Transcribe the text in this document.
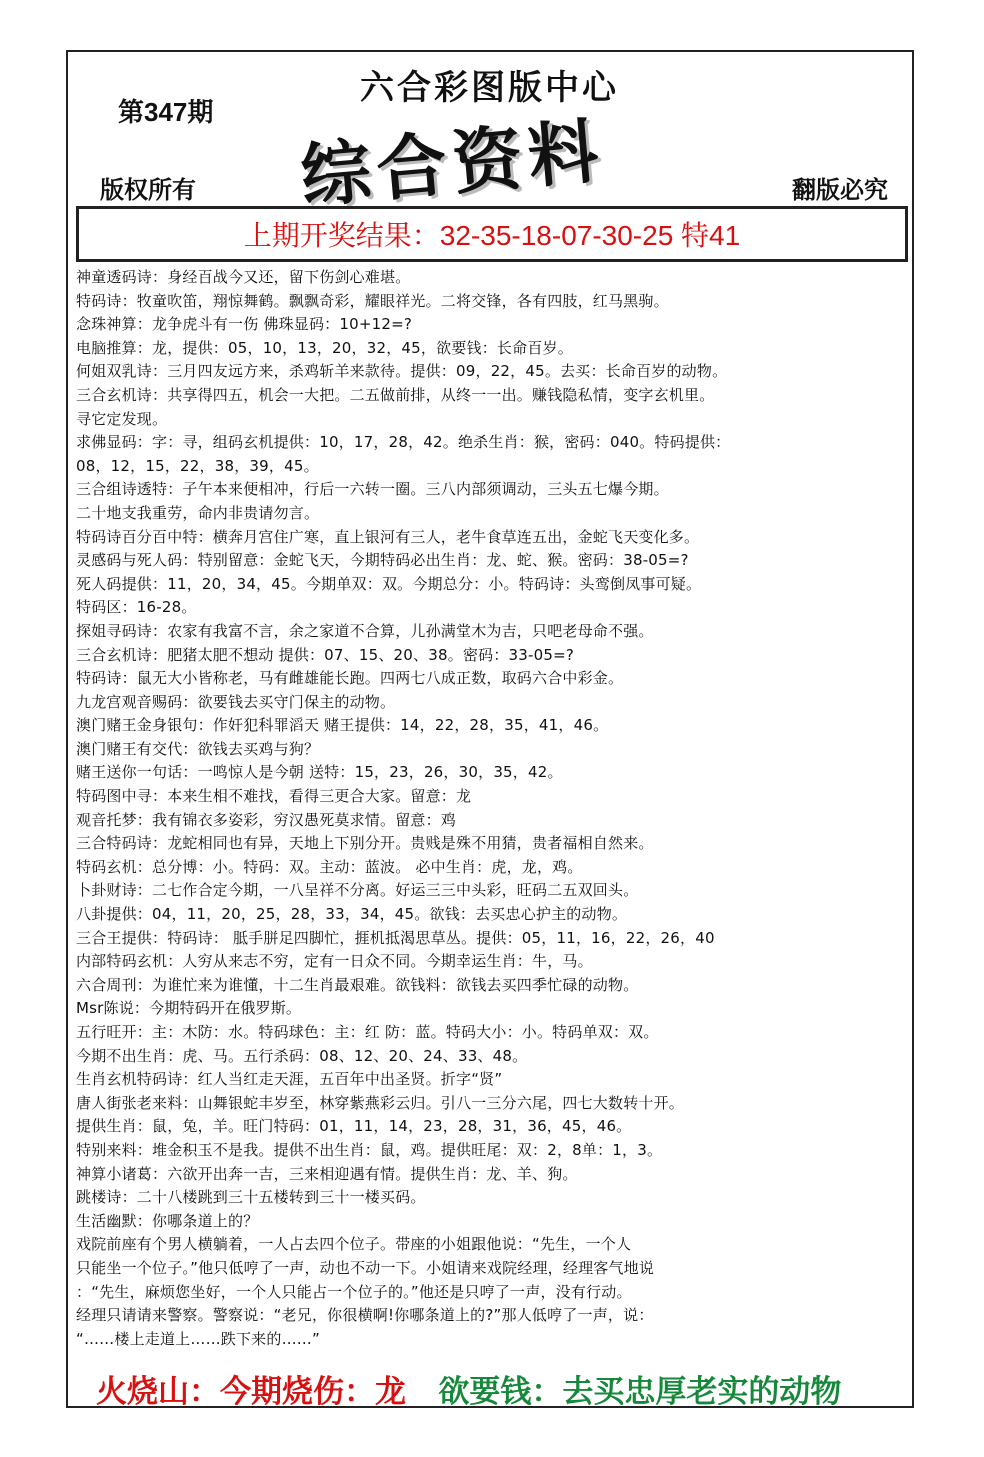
第347期
六合彩图版中心
综合资料
版权所有	翻版必究
上期开奖结果：32-35-18-07-30-25 特41
神童透码诗：身经百战今又还，留下伤剑心难堪。
特码诗：牧童吹笛，翔惊舞鹤。飘飘奇彩，耀眼祥光。二将交锋，各有四肢，红马黑驹。
念珠神算：龙争虎斗有一伤 佛珠显码：10+12=?
电脑推算：龙，提供：05，10，13，20，32，45，欲要钱：长命百岁。
何姐双乳诗：三月四友远方来，杀鸡斩羊来款待。提供：09，22，45。去买：长命百岁的动物。
三合玄机诗：共享得四五，机会一大把。二五做前排，从终一一出。赚钱隐私情，变字玄机里。
寻它定发现。
求佛显码：字：寻，组码玄机提供：10，17，28，42。绝杀生肖：猴，密码：040。特码提供：
08，12，15，22，38，39，45。
三合组诗透特：子午本来便相冲，行后一六转一圈。三八内部须调动，三头五七爆今期。
二十地支我重劳，命内非贵请勿言。
特码诗百分百中特：横奔月宫住广寒，直上银河有三人，老牛食草连五出，金蛇飞天变化多。
灵感码与死人码：特别留意：金蛇飞天，今期特码必出生肖：龙、蛇、猴。密码：38-05=?
死人码提供：11，20，34，45。今期单双：双。今期总分：小。特码诗：头鸾倒凤事可疑。
特码区：16-28。
探姐寻码诗：农家有我富不言，余之家道不合算，儿孙满堂木为吉，只吧老母命不强。
三合玄机诗：肥猪太肥不想动 提供：07、15、20、38。密码：33-05=?
特码诗：鼠无大小皆称老，马有雌雄能长跑。四两七八成正数，取码六合中彩金。
九龙宫观音赐码：欲要钱去买守门保主的动物。
澳门赌王金身银句：作奸犯科罪滔天 赌王提供：14，22，28，35，41，46。
澳门赌王有交代：欲钱去买鸡与狗？
赌王送你一句话：一鸣惊人是今朝 送特：15，23，26，30，35，42。
特码图中寻：本来生相不难找，看得三更合大家。留意：龙
观音托梦：我有锦衣多姿彩，穷汉愚死莫求情。留意：鸡
三合特码诗：龙蛇相同也有异，天地上下别分开。贵贱是殊不用猜，贵者福相自然来。
特码玄机：总分博：小。特码：双。主动：蓝波。 必中生肖：虎，龙，鸡。
卜卦财诗：二七作合定今期，一八呈祥不分离。好运三三中头彩，旺码二五双回头。
八卦提供：04，11，20，25，28，33，34，45。欲钱：去买忠心护主的动物。
三合王提供：特码诗： 胝手胼足四脚忙，捱机抵渴思草丛。提供：05，11，16，22，26，40
内部特码玄机：人穷从来志不穷，定有一日众不同。今期幸运生肖：牛，马。
六合周刊：为谁忙来为谁懂，十二生肖最艰难。欲钱料：欲钱去买四季忙碌的动物。
Msr陈说：今期特码开在俄罗斯。
五行旺开：主：木防：水。特码球色：主：红 防：蓝。特码大小：小。特码单双：双。
今期不出生肖：虎、马。五行杀码：08、12、20、24、33、48。
生肖玄机特码诗：红人当红走天涯，五百年中出圣贤。折字“贤”
唐人街张老来料：山舞银蛇丰岁至，林穿紫燕彩云归。引八一三分六尾，四七大数转十开。
提供生肖：鼠，兔，羊。旺门特码：01，11，14，23，28，31，36，45，46。
特别来料：堆金积玉不是我。提供不出生肖：鼠，鸡。提供旺尾：双：2，8单：1，3。
神算小诸葛：六欲开出奔一吉，三来相迎遇有情。提供生肖：龙、羊、狗。
跳楼诗：二十八楼跳到三十五楼转到三十一楼买码。
生活幽默：你哪条道上的？
戏院前座有个男人横躺着，一人占去四个位子。带座的小姐跟他说：“先生，一个人
只能坐一个位子。”他只低哼了一声，动也不动一下。小姐请来戏院经理，经理客气地说
：“先生，麻烦您坐好，一个人只能占一个位子的。”他还是只哼了一声，没有行动。
经理只请请来警察。警察说：“老兄，你很横啊!你哪条道上的?”那人低哼了一声，说：
“……楼上走道上……跌下来的……”
火烧山：今期烧伤：龙 欲要钱：去买忠厚老实的动物
